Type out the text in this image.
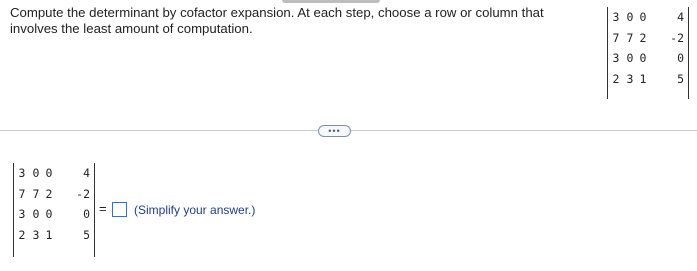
Compute the determinant by cofactor expansion. At each step, choose a row or column that involves the least amount of computation.
3 0 0	4
7 7 2 -2
3 0 0	0
2 3 1	5
•••
3 0 0	4
7 7 2 -2
3 0 0	0
2 3 1	5
= (Simplify your answer.)
